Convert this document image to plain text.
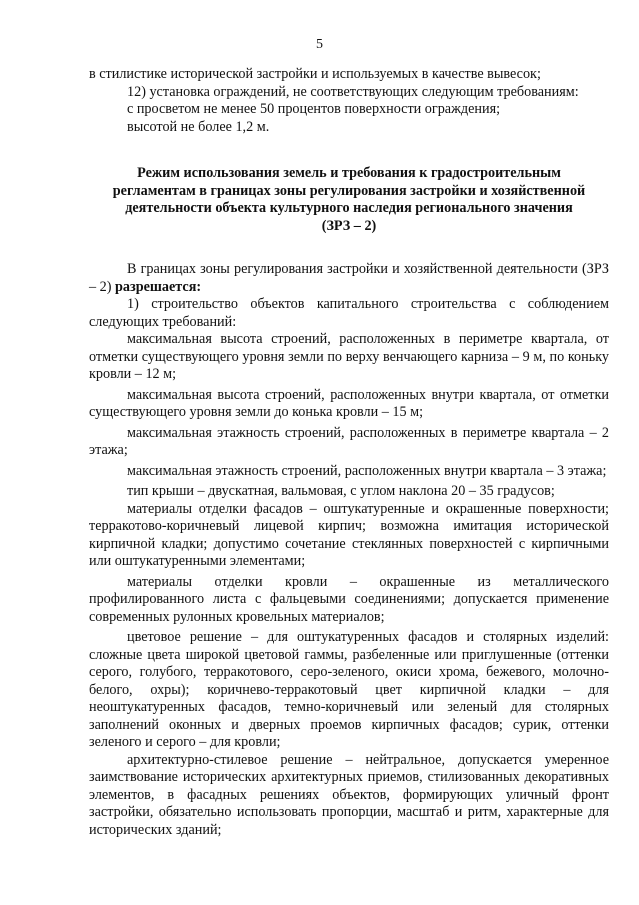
5

в стилистике исторической застройки и используемых в качестве вывесок;

12) установка ограждений, не соответствующих следующим требованиям:

с просветом не менее 50 процентов поверхности ограждения;

высотой не более 1,2 м.

Режим использования земель и требования к градостроительным
регламентам в границах зоны регулирования застройки и хозяйственной
деятельности объекта культурного наследия регионального значения
(ЗРЗ – 2)

В границах зоны регулирования застройки и хозяйственной деятельности (ЗРЗ – 2) разрешается:

1) строительство объектов капитального строительства с соблюдением следующих требований:

максимальная высота строений, расположенных в периметре квартала, от отметки существующего уровня земли по верху венчающего карниза – 9 м, по коньку кровли – 12 м;

максимальная высота строений, расположенных внутри квартала, от отметки существующего уровня земли до конька кровли – 15 м;

максимальная этажность строений, расположенных в периметре квартала – 2 этажа;

максимальная этажность строений, расположенных внутри квартала – 3 этажа;

тип крыши – двускатная, вальмовая, с углом наклона 20 – 35 градусов;

материалы отделки фасадов – оштукатуренные и окрашенные поверхности; терракотово-коричневый лицевой кирпич; возможна имитация исторической кирпичной кладки; допустимо сочетание стеклянных поверхностей с кирпичными или оштукатуренными элементами;

материалы отделки кровли – окрашенные из металлического профилированного листа с фальцевыми соединениями; допускается применение современных рулонных кровельных материалов;

цветовое решение – для оштукатуренных фасадов и столярных изделий: сложные цвета широкой цветовой гаммы, разбеленные или приглушенные (оттенки серого, голубого, терракотового, серо-зеленого, окиси хрома, бежевого, молочно-белого, охры); коричнево-терракотовый цвет кирпичной кладки – для неоштукатуренных фасадов, темно-коричневый или зеленый для столярных заполнений оконных и дверных проемов кирпичных фасадов; сурик, оттенки зеленого и серого – для кровли;

архитектурно-стилевое решение – нейтральное, допускается умеренное заимствование исторических архитектурных приемов, стилизованных декоративных элементов, в фасадных решениях объектов, формирующих уличный фронт застройки, обязательно использовать пропорции, масштаб и ритм, характерные для исторических зданий;
